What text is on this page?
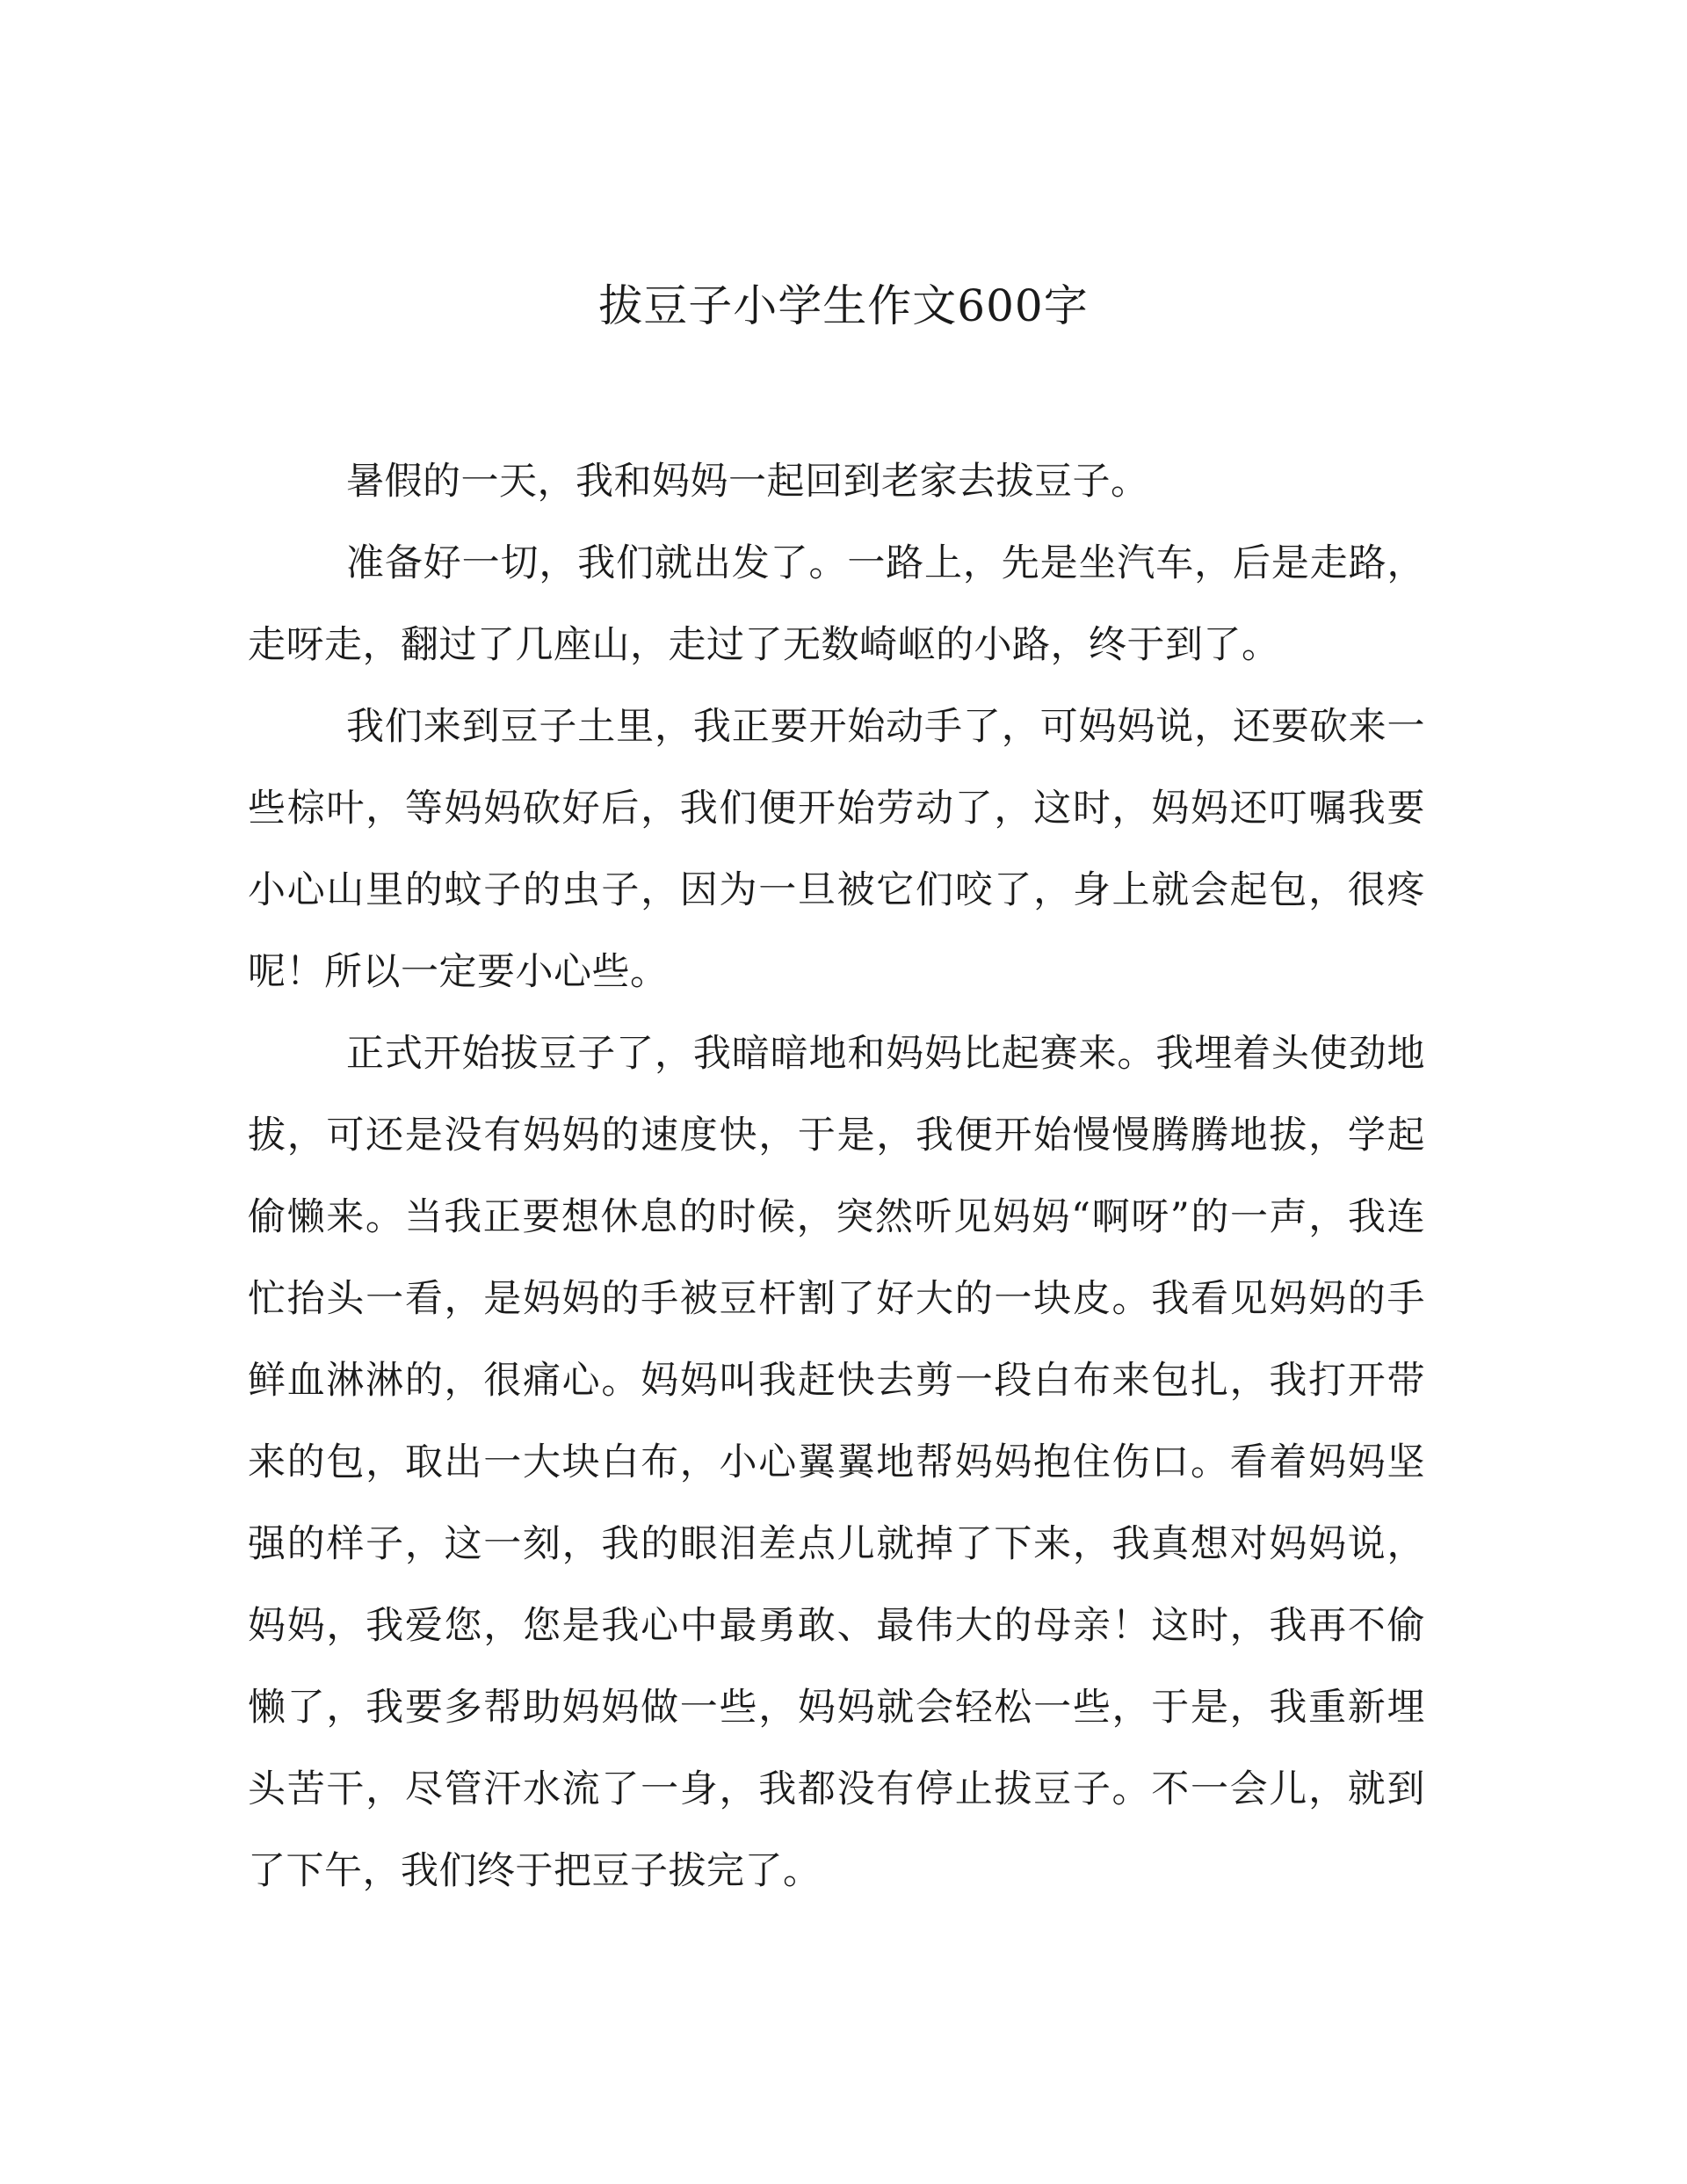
拔豆子小学生作文600字

暑假的一天，我和妈妈一起回到老家去拔豆子。

准备好一切，我们就出发了。一路上，先是坐汽车，后是走路，走呀走，翻过了几座山，走过了无数崎岖的小路，终于到了。

我们来到豆子土里，我正要开始动手了，可妈妈说，还要砍来一些棕叶，等妈妈砍好后，我们便开始劳动了，这时，妈妈还叮嘱我要小心山里的蚊子的虫子，因为一旦被它们咬了，身上就会起包，很疼呢！所以一定要小心些。

正式开始拔豆子了，我暗暗地和妈妈比起赛来。我埋着头使劲地拔，可还是没有妈妈的速度快，于是，我便开始慢慢腾腾地拔，学起偷懒来。当我正要想休息的时候，突然听见妈妈“啊呀”的一声，我连忙抬头一看，是妈妈的手被豆杆割了好大的一块皮。我看见妈妈的手鲜血淋淋的，很痛心。妈妈叫我赶快去剪一段白布来包扎，我打开带来的包，取出一大块白布，小心翼翼地帮妈妈抱住伤口。看着妈妈坚强的样子，这一刻，我的眼泪差点儿就掉了下来，我真想对妈妈说，妈妈，我爱您，您是我心中最勇敢、最伟大的母亲！这时，我再不偷懒了，我要多帮助妈妈做一些，妈妈就会轻松一些，于是，我重新埋头苦干，尽管汗水流了一身，我都没有停止拔豆子。不一会儿，就到了下午，我们终于把豆子拔完了。
